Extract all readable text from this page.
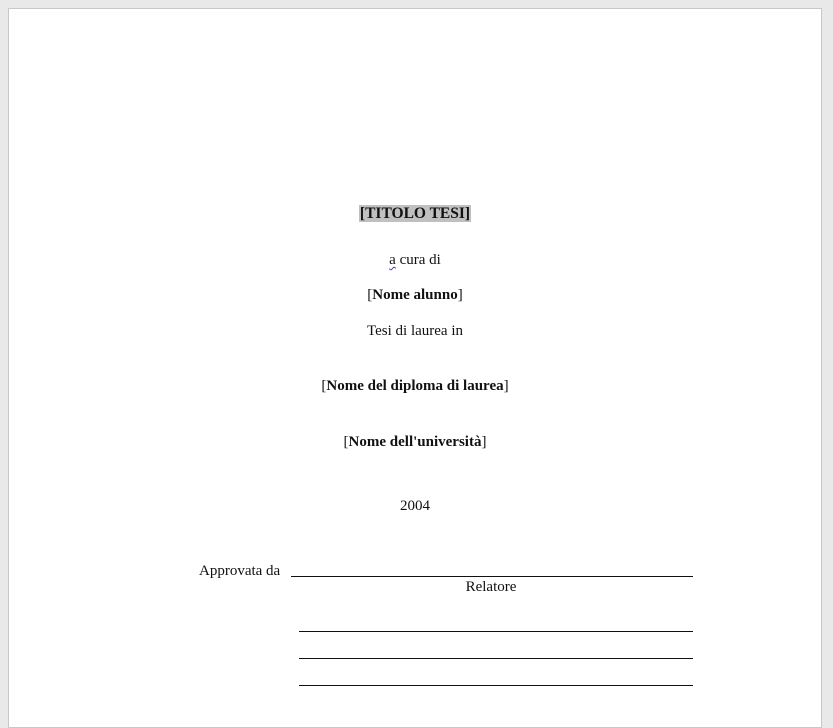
[TITOLO TESI]
a cura di
[Nome alunno]
Tesi di laurea in
[Nome del diploma di laurea]
[Nome dell'università]
2004
Approvata da
Relatore
